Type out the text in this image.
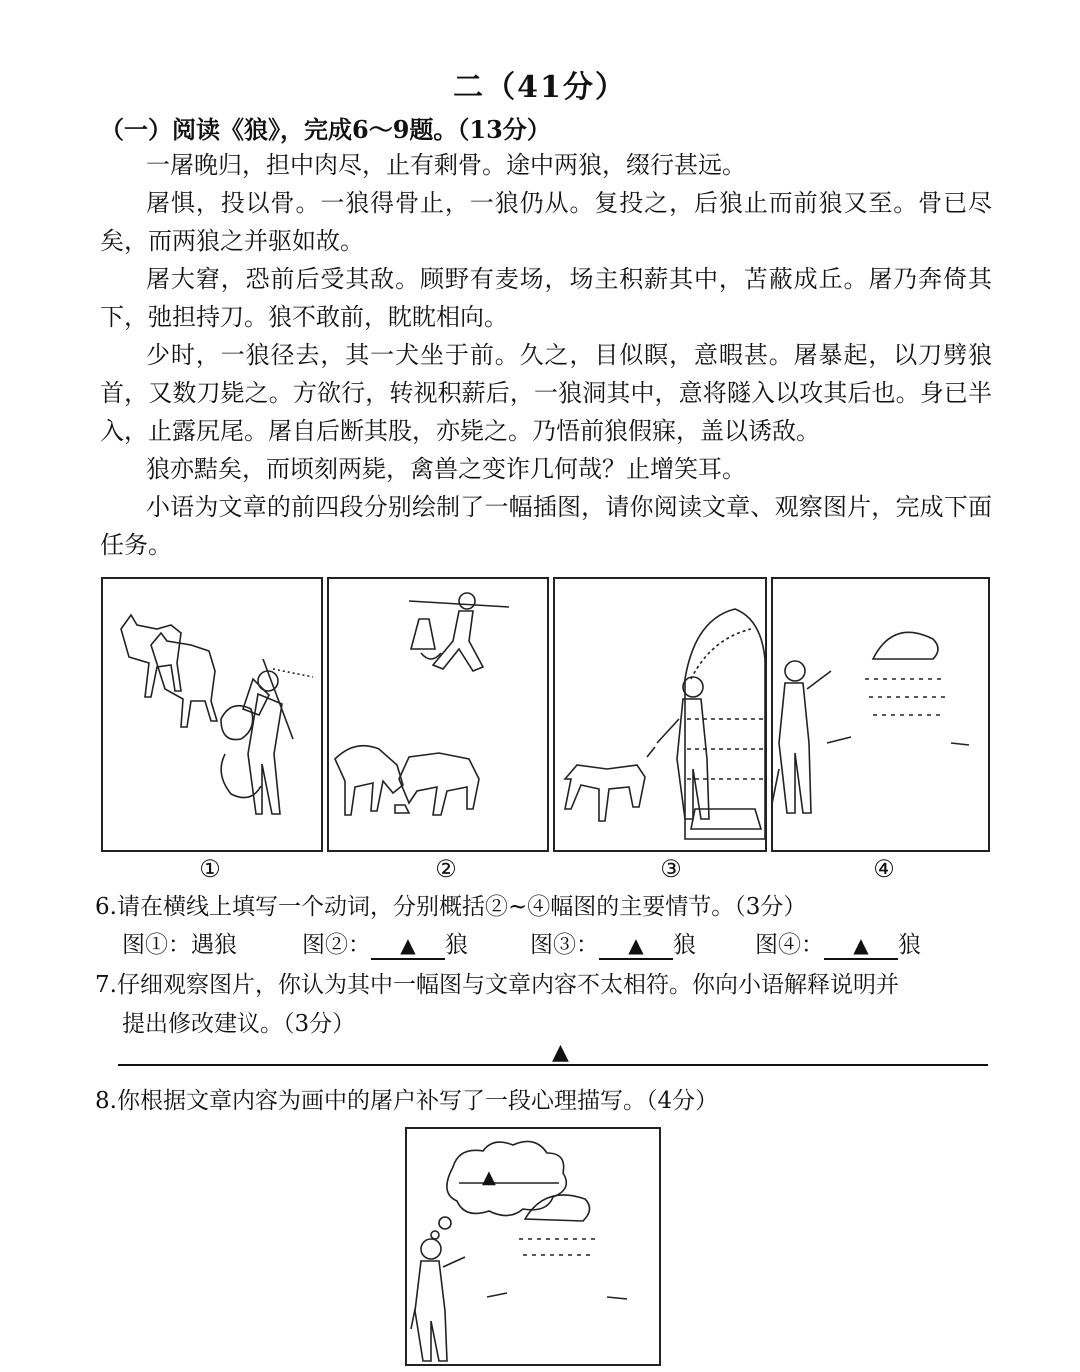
二（41分）
（一）阅读《狼》，完成6～9题。（13分）

一屠晚归，担中肉尽，止有剩骨。途中两狼，缀行甚远。

屠惧，投以骨。一狼得骨止，一狼仍从。复投之，后狼止而前狼又至。骨已尽矣，而两狼之并驱如故。

屠大窘，恐前后受其敌。顾野有麦场，场主积薪其中，苫蔽成丘。屠乃奔倚其下，弛担持刀。狼不敢前，眈眈相向。

少时，一狼径去，其一犬坐于前。久之，目似瞑，意暇甚。屠暴起，以刀劈狼首，又数刀毙之。方欲行，转视积薪后，一狼洞其中，意将隧入以攻其后也。身已半入，止露尻尾。屠自后断其股，亦毙之。乃悟前狼假寐，盖以诱敌。

狼亦黠矣，而顷刻两毙，禽兽之变诈几何哉？止增笑耳。

小语为文章的前四段分别绘制了一幅插图，请你阅读文章、观察图片，完成下面任务。

①	②	③	④
6.请在横线上填写一个动词，分别概括②~④幅图的主要情节。（3分）
图①：遇狼	图②： ▲ 狼	图③： ▲ 狼	图④： ▲ 狼
7.仔细观察图片，你认为其中一幅图与文章内容不太相符。你向小语解释说明并
提出修改建议。（3分）
▲
8.你根据文章内容为画中的屠户补写了一段心理描写。（4分）
▲
